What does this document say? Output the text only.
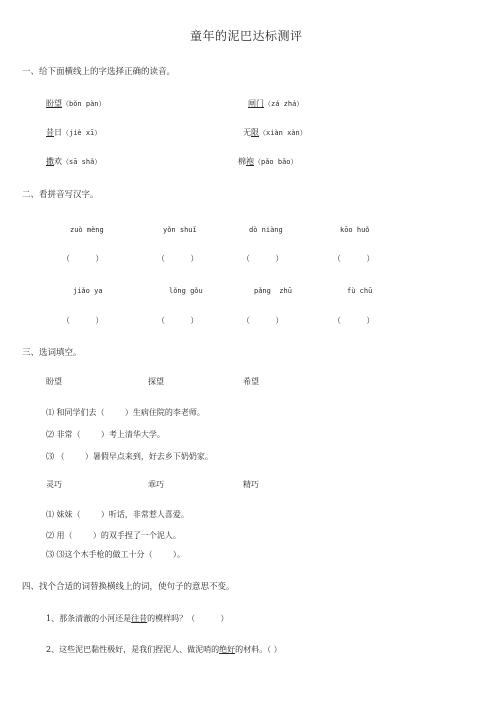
童年的泥巴达标测评
一、给下面横线上的字选择正确的读音。
盼望（bǒn pàn）	闸门（zá zhá）
昔日（jiè xī）	无限（xiàn xàn）
撒欢（sā shǎ）	棉袍（pǎo bǎo）
二、看拼音写汉字。
zuò mèng	yǒn shuǐ	dò niàng	kōo huǒ
（          ）	（          ）	（          ）	（          ）
jiǎo ya	lǒng gǒu	pǎng  zhū	fù chū
（          ）	（          ）	（          ）	（          ）
三、选词填空。
盼望	探望	希望
⑴ 和同学们去（        ）生病住院的李老师。
⑵ 非常（        ）考上清华大学。
⑶ （        ）暑假早点来到，好去乡下奶奶家。
灵巧	乖巧	精巧
⑴ 妹妹（        ）听话，非常惹人喜爱。
⑵ 用（        ）的双手捏了一个泥人。
⑶ ⑶这个木手枪的做工十分（        ）。
四、找个合适的词替换横线上的词，使句子的意思不变。
1、那条清澈的小河还是往昔的模样吗？（          ）
2、这些泥巴黏性极好，是我们捏泥人、做泥哨的绝好的材料。（ ）
